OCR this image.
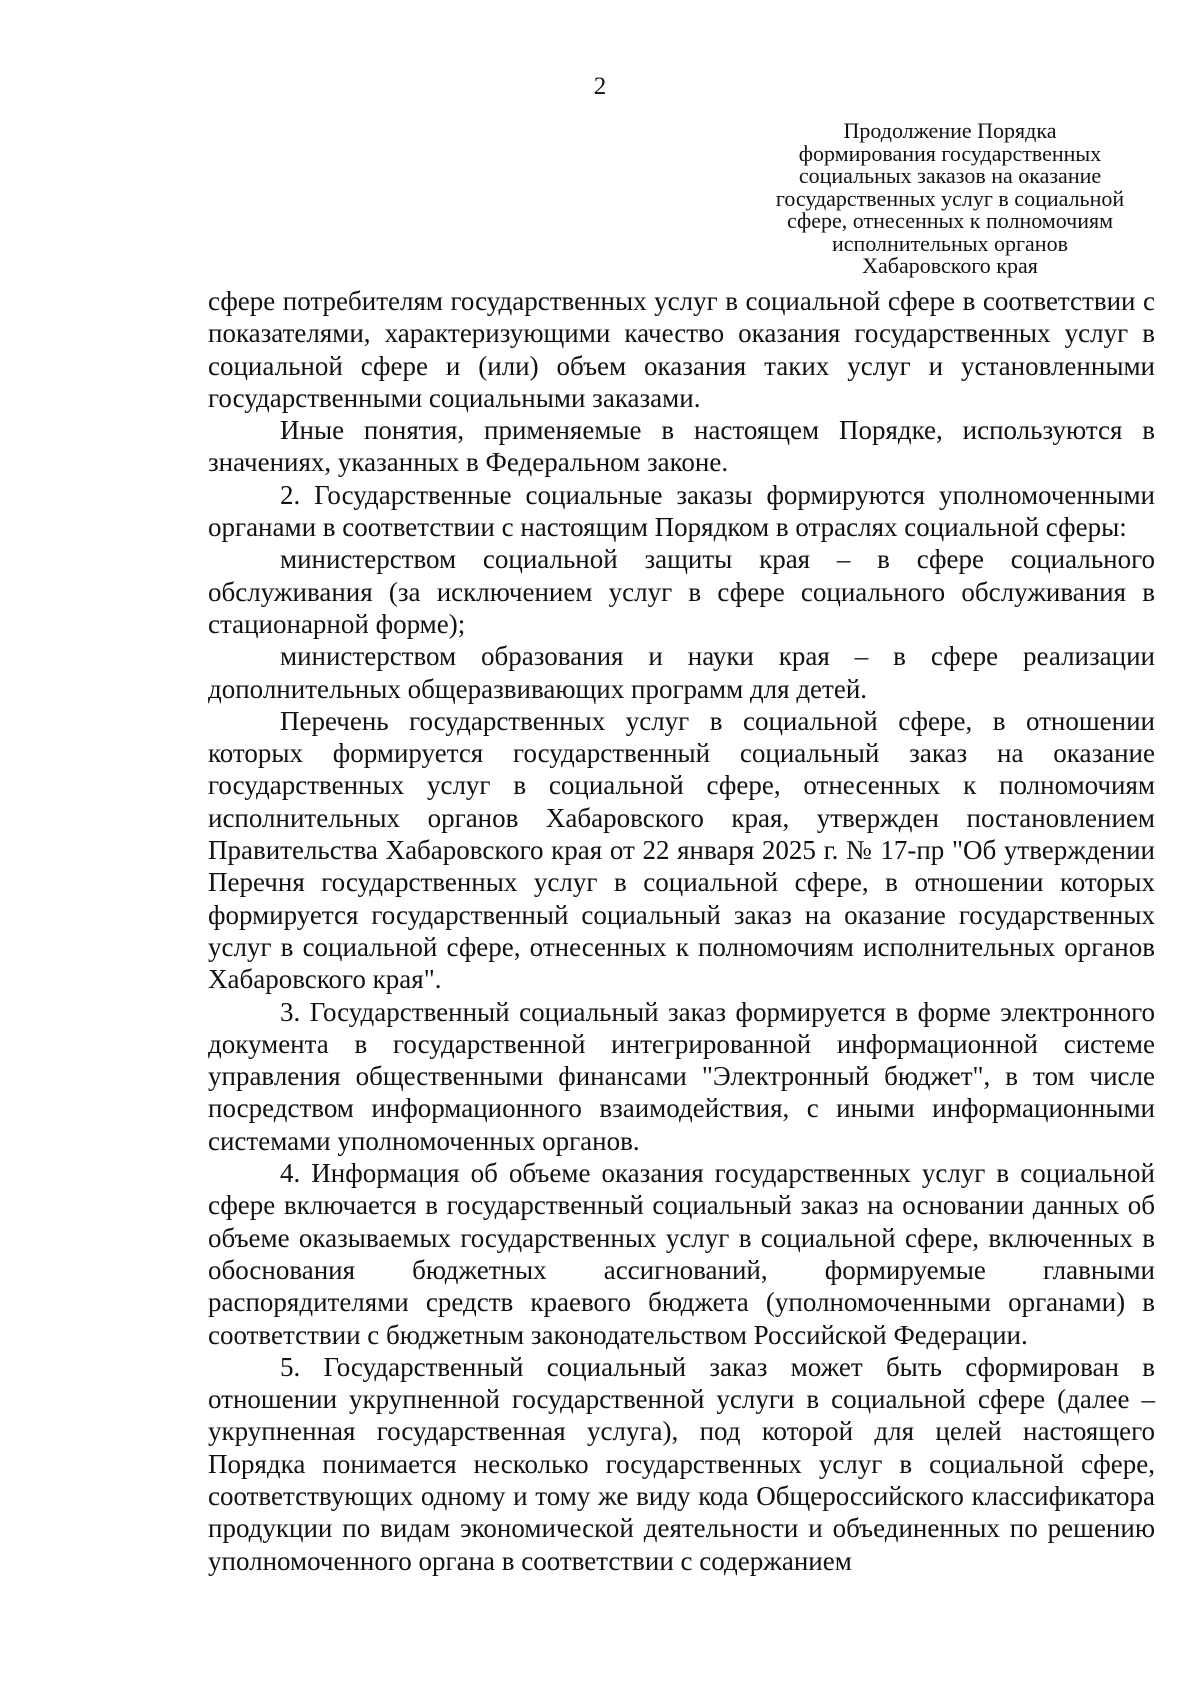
2
Продолжение Порядка
формирования государственных
социальных заказов на оказание
государственных услуг в социальной
сфере, отнесенных к полномочиям
исполнительных органов
Хабаровского края

сфере потребителям государственных услуг в социальной сфере в соответствии с показателями, характеризующими качество оказания государственных услуг в социальной сфере и (или) объем оказания таких услуг и установленными государственными социальными заказами.

Иные понятия, применяемые в настоящем Порядке, используются в значениях, указанных в Федеральном законе.

2. Государственные социальные заказы формируются уполномоченными органами в соответствии с настоящим Порядком в отраслях социальной сферы:

министерством социальной защиты края – в сфере социального обслуживания (за исключением услуг в сфере социального обслуживания в стационарной форме);

министерством образования и науки края – в сфере реализации дополнительных общеразвивающих программ для детей.

Перечень государственных услуг в социальной сфере, в отношении которых формируется государственный социальный заказ на оказание государственных услуг в социальной сфере, отнесенных к полномочиям исполнительных органов Хабаровского края, утвержден постановлением Правительства Хабаровского края от 22 января 2025 г. № 17-пр "Об утверждении Перечня государственных услуг в социальной сфере, в отношении которых формируется государственный социальный заказ на оказание государственных услуг в социальной сфере, отнесенных к полномочиям исполнительных органов Хабаровского края".

3. Государственный социальный заказ формируется в форме электронного документа в государственной интегрированной информационной системе управления общественными финансами "Электронный бюджет", в том числе посредством информационного взаимодействия, с иными информационными системами уполномоченных органов.

4. Информация об объеме оказания государственных услуг в социальной сфере включается в государственный социальный заказ на основании данных об объеме оказываемых государственных услуг в социальной сфере, включенных в обоснования бюджетных ассигнований, формируемые главными распорядителями средств краевого бюджета (уполномоченными органами) в соответствии с бюджетным законодательством Российской Федерации.

5. Государственный социальный заказ может быть сформирован в отношении укрупненной государственной услуги в социальной сфере (далее – укрупненная государственная услуга), под которой для целей настоящего Порядка понимается несколько государственных услуг в социальной сфере, соответствующих одному и тому же виду кода Общероссийского классификатора продукции по видам экономической деятельности и объединенных по решению уполномоченного органа в соответствии с содержанием
